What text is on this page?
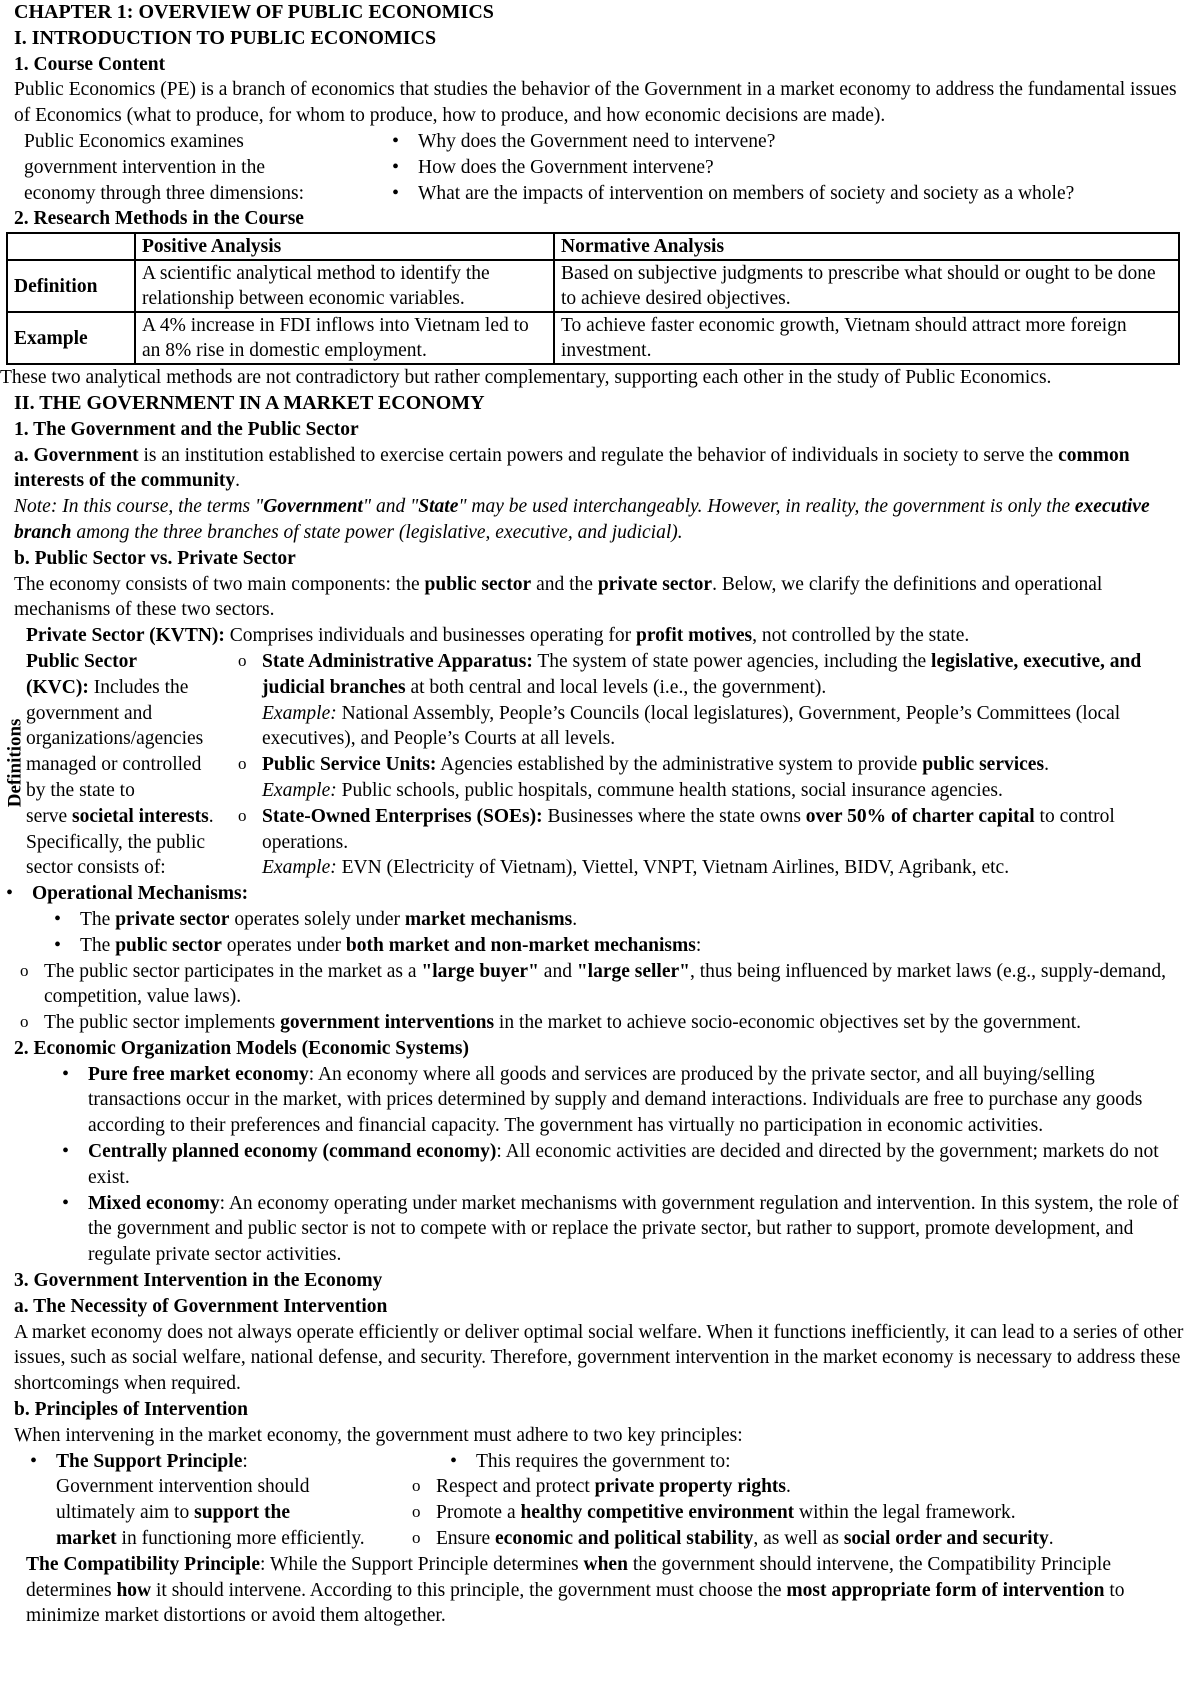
CHAPTER 1: OVERVIEW OF PUBLIC ECONOMICS
I. INTRODUCTION TO PUBLIC ECONOMICS
1. Course Content

Public Economics (PE) is a branch of economics that studies the behavior of the Government in a market economy to address the fundamental issues of Economics (what to produce, for whom to produce, how to produce, and how economic decisions are made).

Public Economics examines
government intervention in the
economy through three dimensions:
• Why does the Government need to intervene?
• How does the Government intervene?
• What are the impacts of intervention on members of society and society as a whole?
2. Research Methods in the Course
	Positive Analysis	Normative Analysis
Definition	A scientific analytical method to identify the relationship between economic variables.	Based on subjective judgments to prescribe what should or ought to be done to achieve desired objectives.
Example	A 4% increase in FDI inflows into Vietnam led to an 8% rise in domestic employment.	To achieve faster economic growth, Vietnam should attract more foreign investment.

These two analytical methods are not contradictory but rather complementary, supporting each other in the study of Public Economics.

II. THE GOVERNMENT IN A MARKET ECONOMY
1. The Government and the Public Sector

a. Government is an institution established to exercise certain powers and regulate the behavior of individuals in society to serve the common interests of the community.

Note: In this course, the terms "Government" and "State" may be used interchangeably. However, in reality, the government is only the executive branch among the three branches of state power (legislative, executive, and judicial).

b. Public Sector vs. Private Sector

The economy consists of two main components: the public sector and the private sector. Below, we clarify the definitions and operational mechanisms of these two sectors.

Definitions

Private Sector (KVTN): Comprises individuals and businesses operating for profit motives, not controlled by the state.

Public Sector
(KVC): Includes the
government and
organizations/agencies
managed or controlled
by the state to
serve societal interests.
Specifically, the public
sector consists of:
o State Administrative Apparatus: The system of state power agencies, including the legislative, executive, and judicial branches at both central and local levels (i.e., the government).
Example: National Assembly, People’s Councils (local legislatures), Government, People’s Committees (local executives), and People’s Courts at all levels.
o Public Service Units: Agencies established by the administrative system to provide public services.
Example: Public schools, public hospitals, commune health stations, social insurance agencies.
o State-Owned Enterprises (SOEs): Businesses where the state owns over 50% of charter capital to control operations.
Example: EVN (Electricity of Vietnam), Viettel, VNPT, Vietnam Airlines, BIDV, Agribank, etc.
• Operational Mechanisms:
• The private sector operates solely under market mechanisms.
• The public sector operates under both market and non-market mechanisms:
o The public sector participates in the market as a "large buyer" and "large seller", thus being influenced by market laws (e.g., supply-demand, competition, value laws).
o The public sector implements government interventions in the market to achieve socio-economic objectives set by the government.
2. Economic Organization Models (Economic Systems)
• Pure free market economy: An economy where all goods and services are produced by the private sector, and all buying/selling transactions occur in the market, with prices determined by supply and demand interactions. Individuals are free to purchase any goods according to their preferences and financial capacity. The government has virtually no participation in economic activities.
• Centrally planned economy (command economy): All economic activities are decided and directed by the government; markets do not exist.
• Mixed economy: An economy operating under market mechanisms with government regulation and intervention. In this system, the role of the government and public sector is not to compete with or replace the private sector, but rather to support, promote development, and regulate private sector activities.
3. Government Intervention in the Economy
a. The Necessity of Government Intervention

A market economy does not always operate efficiently or deliver optimal social welfare. When it functions inefficiently, it can lead to a series of other issues, such as social welfare, national defense, and security. Therefore, government intervention in the market economy is necessary to address these shortcomings when required.

b. Principles of Intervention

When intervening in the market economy, the government must adhere to two key principles:

• The Support Principle:
Government intervention should
ultimately aim to support the
market in functioning more efficiently.
• This requires the government to:
o Respect and protect private property rights.
o Promote a healthy competitive environment within the legal framework.
o Ensure economic and political stability, as well as social order and security.

The Compatibility Principle: While the Support Principle determines when the government should intervene, the Compatibility Principle determines how it should intervene. According to this principle, the government must choose the most appropriate form of intervention to minimize market distortions or avoid them altogether.
